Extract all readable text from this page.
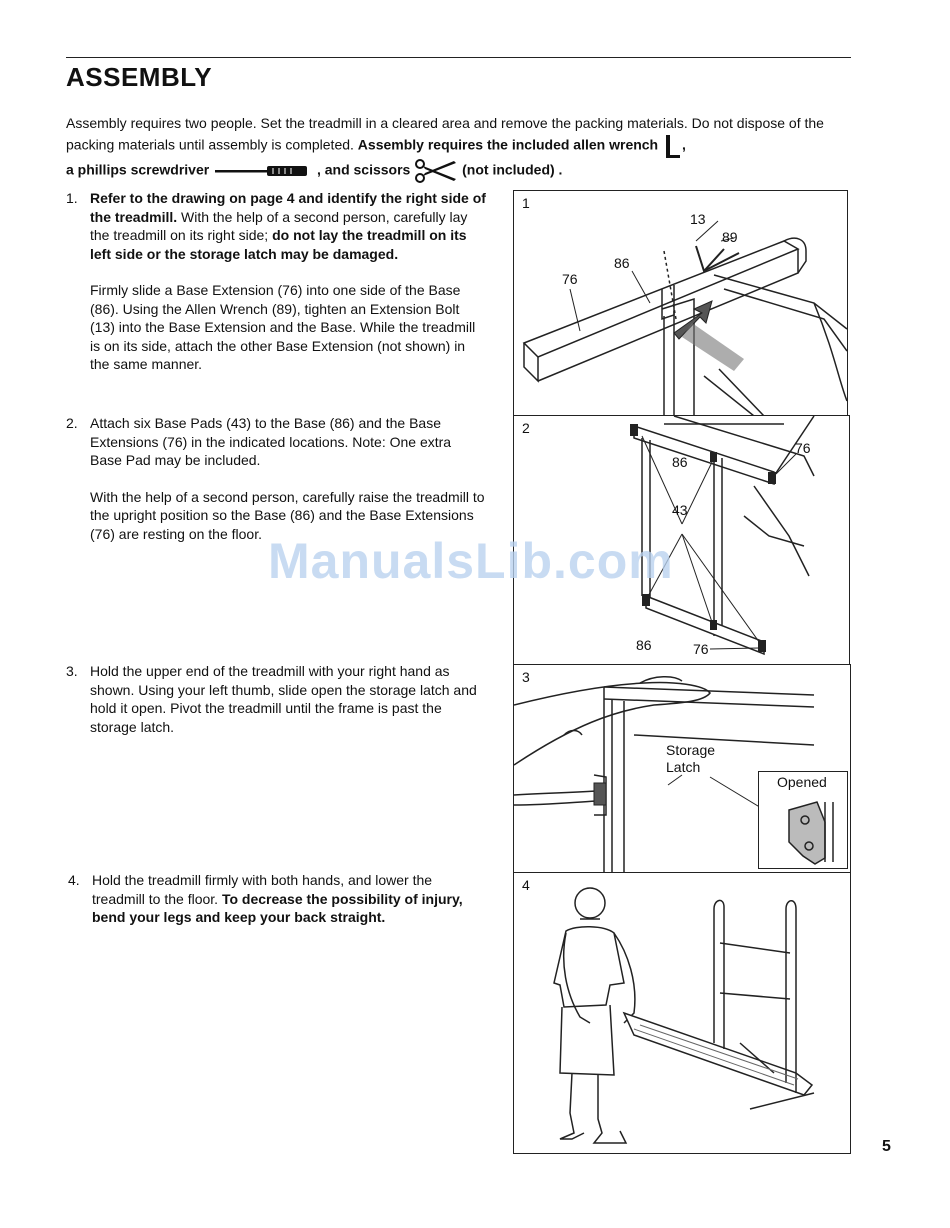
ASSEMBLY
Assembly requires two people. Set the treadmill in a cleared area and remove the packing materials. Do not dispose of the packing materials until assembly is completed. Assembly requires the included allen wrench ,
a phillips screwdriver	, and scissors	(not included) .
1. Refer to the drawing on page 4 and identify the right side of the treadmill. With the help of a second person, carefully lay the treadmill on its right side; do not lay the treadmill on its left side or the storage latch may be damaged.

Firmly slide a Base Extension (76) into one side of the Base (86). Using the Allen Wrench (89), tighten an Extension Bolt (13) into the Base Extension and the Base. While the treadmill is on its side, attach the other Base Extension (not shown) in the same manner.

2. Attach six Base Pads (43) to the Base (86) and the Base Extensions (76) in the indicated locations. Note: One extra Base Pad may be included.

With the help of a second person, carefully raise the treadmill to the upright position so the Base (86) and the Base Extensions (76) are resting on the floor.

3. Hold the upper end of the treadmill with your right hand as shown. Using your left thumb, slide open the storage latch and hold it open. Pivot the treadmill until the frame is past the storage latch.

4. Hold the treadmill firmly with both hands, and lower the treadmill to the floor. To decrease the possibility of injury, bend your legs and keep your back straight.

1
13
89
86
76
2
76
86
43
86	76
3
Storage
Latch
Opened
4
ManualsLib.com
5
